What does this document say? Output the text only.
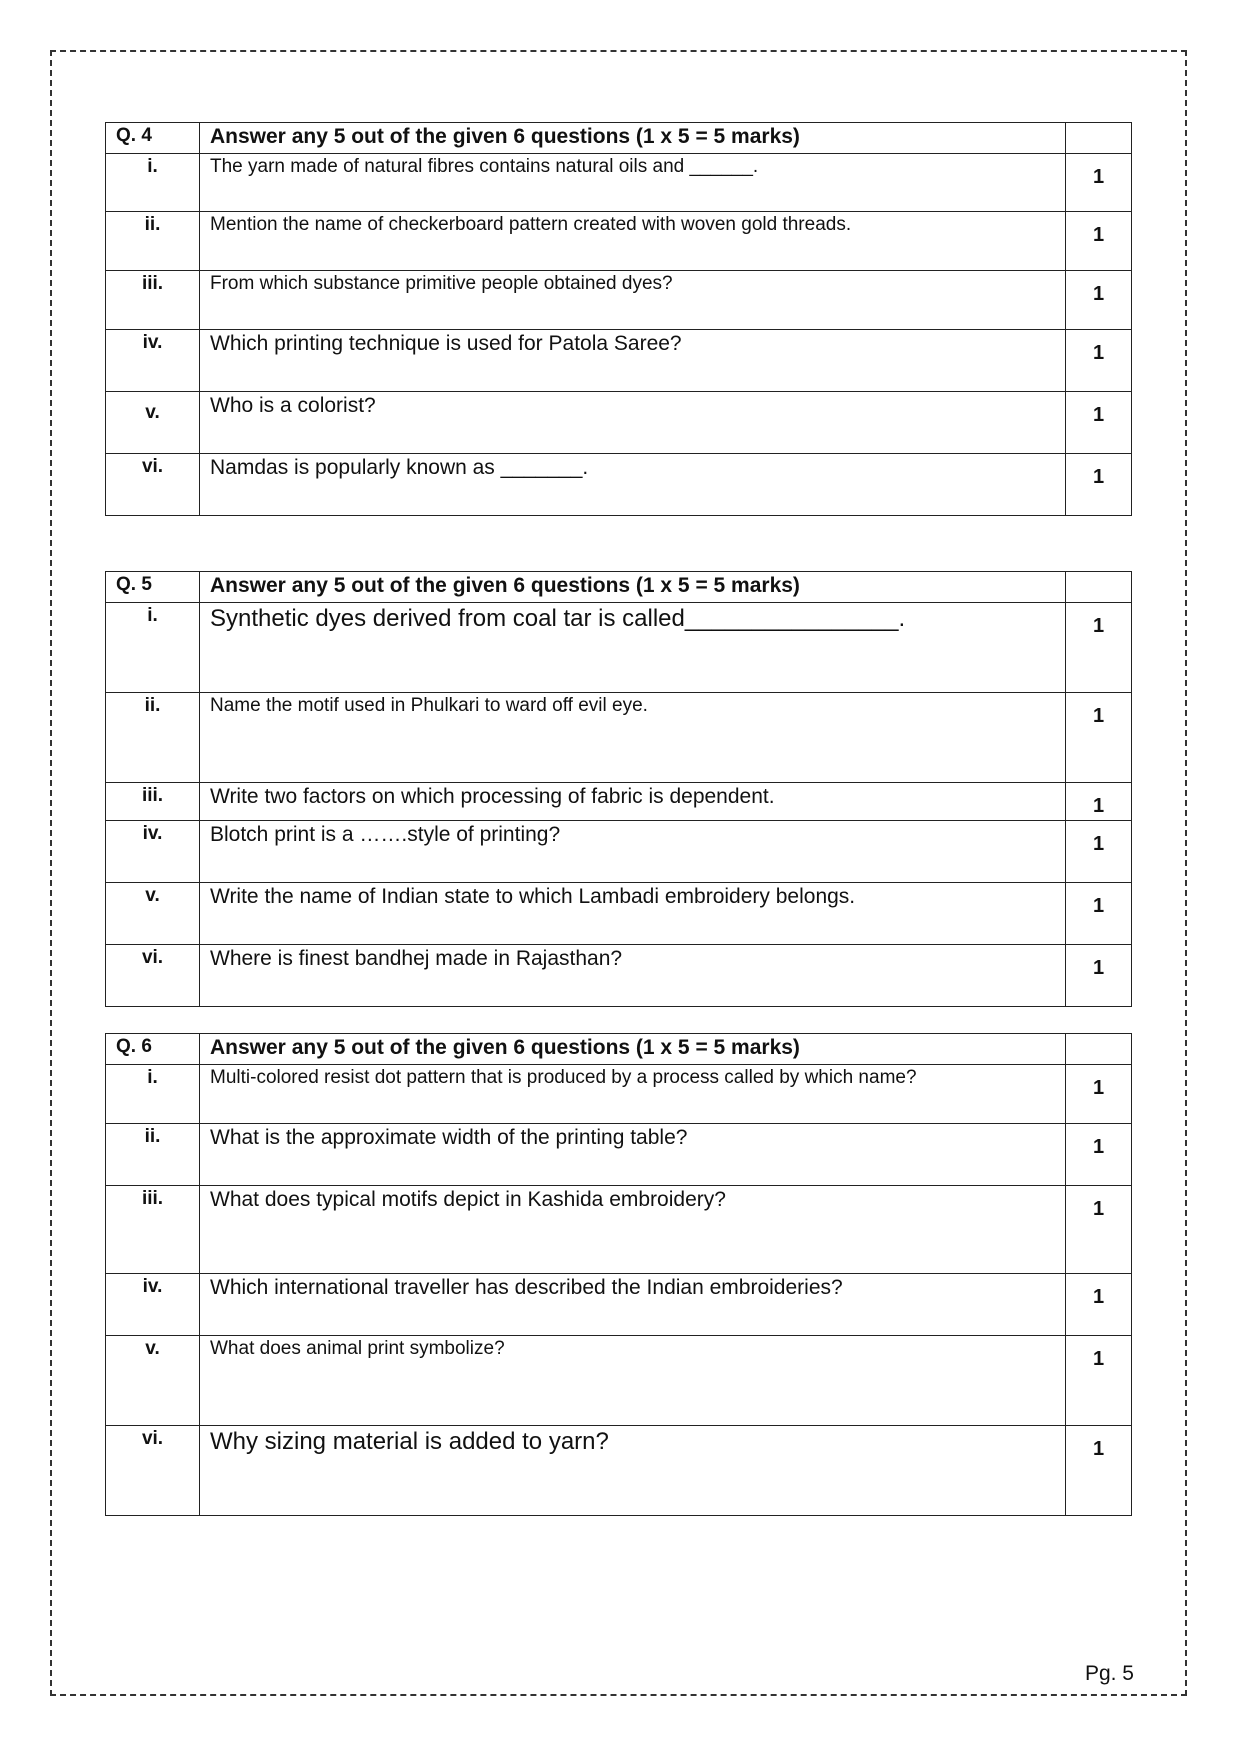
Q. 4	Answer any 5 out of the given 6 questions (1 x 5 = 5 marks)	
i.	The yarn made of natural fibres contains natural oils and ______.	1
ii.	Mention the name of checkerboard pattern created with woven gold threads.	1
iii.	From which substance primitive people obtained dyes?	1
iv.	Which printing technique is used for Patola Saree?	1
v.	Who is a colorist?	1
vi.	Namdas is popularly known as _______.	1
Q. 5	Answer any 5 out of the given 6 questions (1 x 5 = 5 marks)	
i.	Synthetic dyes derived from coal tar is called________________.	1
ii.	Name the motif used in Phulkari to ward off evil eye.	1
iii.	Write two factors on which processing of fabric is dependent.	1
iv.	Blotch print is a …….style of printing?	1
v.	Write the name of Indian state to which Lambadi embroidery belongs.	1
vi.	Where is finest bandhej made in Rajasthan?	1
Q. 6	Answer any 5 out of the given 6 questions (1 x 5 = 5 marks)	
i.	Multi-colored resist dot pattern that is produced by a process called by which name?	1
ii.	What is the approximate width of the printing table?	1
iii.	What does typical motifs depict in Kashida embroidery?	1
iv.	Which international traveller has described the Indian embroideries?	1
v.	What does animal print symbolize?	1
vi.	Why sizing material is added to yarn?	1
Pg. 5
